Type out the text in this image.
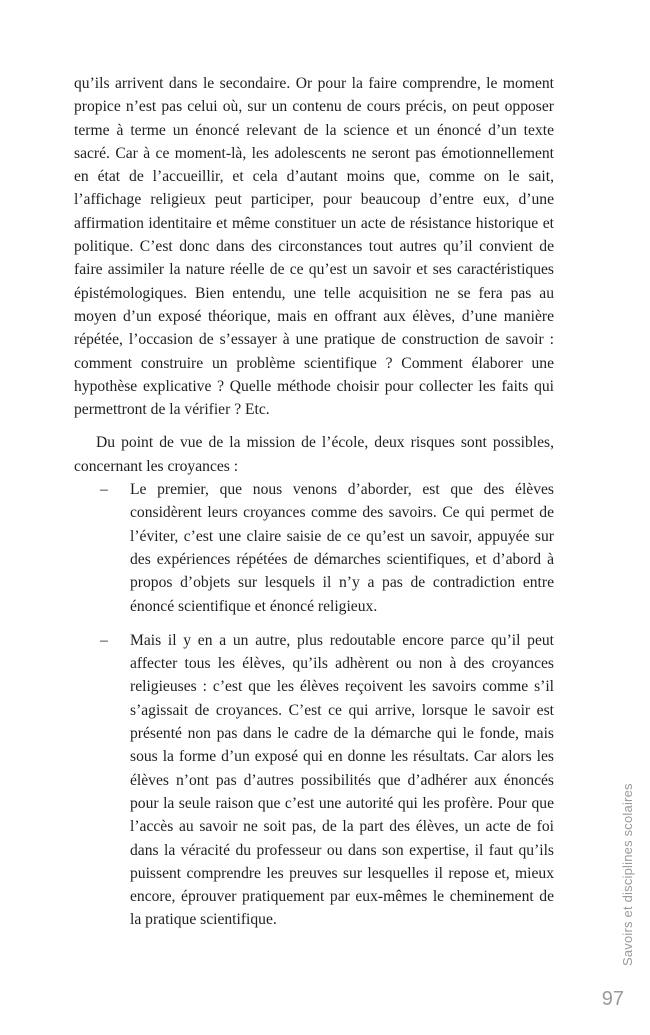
qu’ils arrivent dans le secondaire. Or pour la faire comprendre, le moment propice n’est pas celui où, sur un contenu de cours précis, on peut opposer terme à terme un énoncé relevant de la science et un énoncé d’un texte sacré. Car à ce moment-là, les adolescents ne seront pas émotionnellement en état de l’accueillir, et cela d’autant moins que, comme on le sait, l’affichage religieux peut participer, pour beaucoup d’entre eux, d’une affirmation identitaire et même constituer un acte de résistance historique et politique. C’est donc dans des circonstances tout autres qu’il convient de faire assimiler la nature réelle de ce qu’est un savoir et ses caractéristiques épistémologiques. Bien entendu, une telle acquisition ne se fera pas au moyen d’un exposé théorique, mais en offrant aux élèves, d’une manière répétée, l’occasion de s’essayer à une pratique de construction de savoir : comment construire un problème scientifique ? Comment élaborer une hypothèse explicative ? Quelle méthode choisir pour collecter les faits qui permettront de la vérifier ? Etc.

Du point de vue de la mission de l’école, deux risques sont possibles, concernant les croyances :

– Le premier, que nous venons d’aborder, est que des élèves considèrent leurs croyances comme des savoirs. Ce qui permet de l’éviter, c’est une claire saisie de ce qu’est un savoir, appuyée sur des expériences répétées de démarches scientifiques, et d’abord à propos d’objets sur lesquels il n’y a pas de contradiction entre énoncé scientifique et énoncé religieux.
– Mais il y en a un autre, plus redoutable encore parce qu’il peut affecter tous les élèves, qu’ils adhèrent ou non à des croyances religieuses : c’est que les élèves reçoivent les savoirs comme s’il s’agissait de croyances. C’est ce qui arrive, lorsque le savoir est présenté non pas dans le cadre de la démarche qui le fonde, mais sous la forme d’un exposé qui en donne les résultats. Car alors les élèves n’ont pas d’autres possibilités que d’adhérer aux énoncés pour la seule raison que c’est une autorité qui les profère. Pour que l’accès au savoir ne soit pas, de la part des élèves, un acte de foi dans la véracité du professeur ou dans son expertise, il faut qu’ils puissent comprendre les preuves sur lesquelles il repose et, mieux encore, éprouver pratiquement par eux-mêmes le cheminement de la pratique scientifique.	Savoirs et disciplines scolaires
97
